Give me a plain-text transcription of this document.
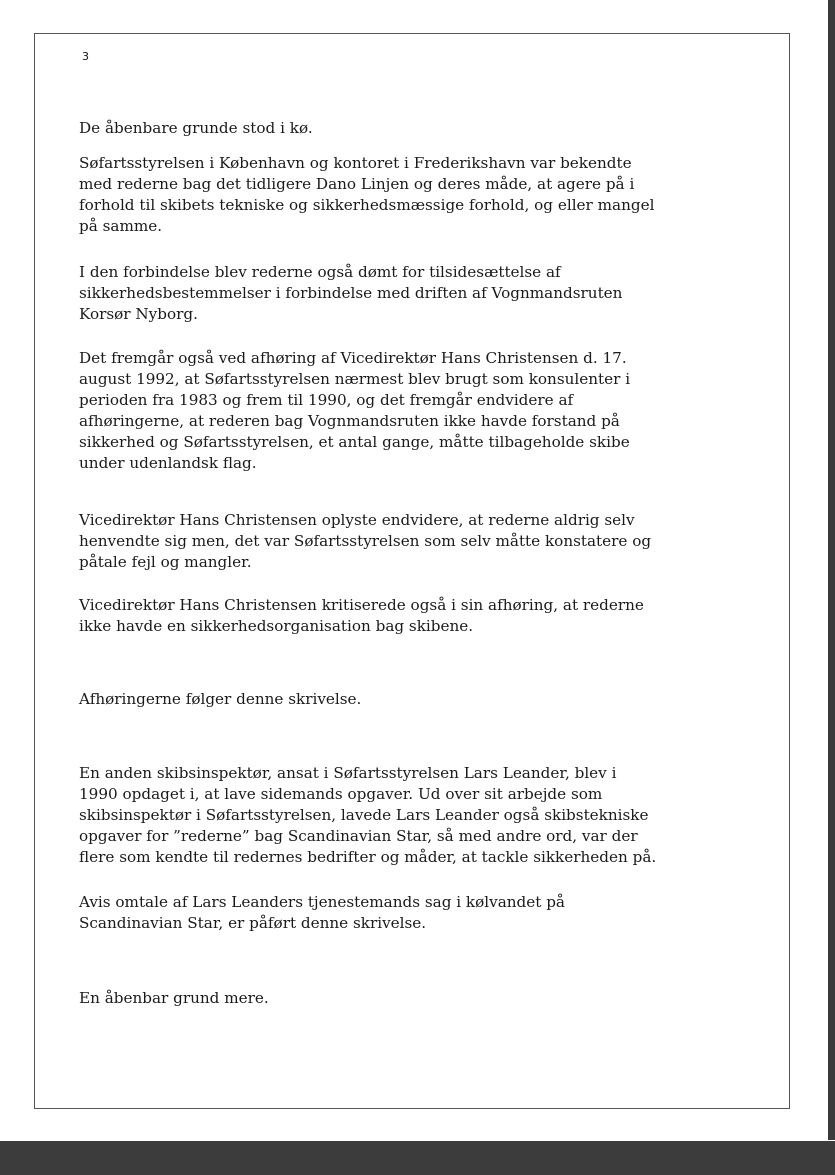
3
De åbenbare grunde stod i kø.
Søfartsstyrelsen i København og kontoret i Frederikshavn var bekendte
med rederne bag det tidligere Dano Linjen og deres måde, at agere på i
forhold til skibets tekniske og sikkerhedsmæssige forhold, og eller mangel
på samme.
I den forbindelse blev rederne også dømt for tilsidesættelse af
sikkerhedsbestemmelser i forbindelse med driften af Vognmandsruten
Korsør Nyborg.
Det fremgår også ved afhøring af Vicedirektør Hans Christensen d. 17.
august 1992, at Søfartsstyrelsen nærmest blev brugt som konsulenter i
perioden fra 1983 og frem til 1990, og det fremgår endvidere af
afhøringerne, at rederen bag Vognmandsruten ikke havde forstand på
sikkerhed og Søfartsstyrelsen, et antal gange, måtte tilbageholde skibe
under udenlandsk flag.
Vicedirektør Hans Christensen oplyste endvidere, at rederne aldrig selv
henvendte sig men, det var Søfartsstyrelsen som selv måtte konstatere og
påtale fejl og mangler.
Vicedirektør Hans Christensen kritiserede også i sin afhøring, at rederne
ikke havde en sikkerhedsorganisation bag skibene.
Afhøringerne følger denne skrivelse.
En anden skibsinspektør, ansat i Søfartsstyrelsen Lars Leander, blev i
1990 opdaget i, at lave sidemands opgaver. Ud over sit arbejde som
skibsinspektør i Søfartsstyrelsen, lavede Lars Leander også skibstekniske
opgaver for ”rederne” bag Scandinavian Star, så med andre ord, var der
flere som kendte til redernes bedrifter og måder, at tackle sikkerheden på.
Avis omtale af Lars Leanders tjenestemands sag i kølvandet på
Scandinavian Star, er påført denne skrivelse.
En åbenbar grund mere.
